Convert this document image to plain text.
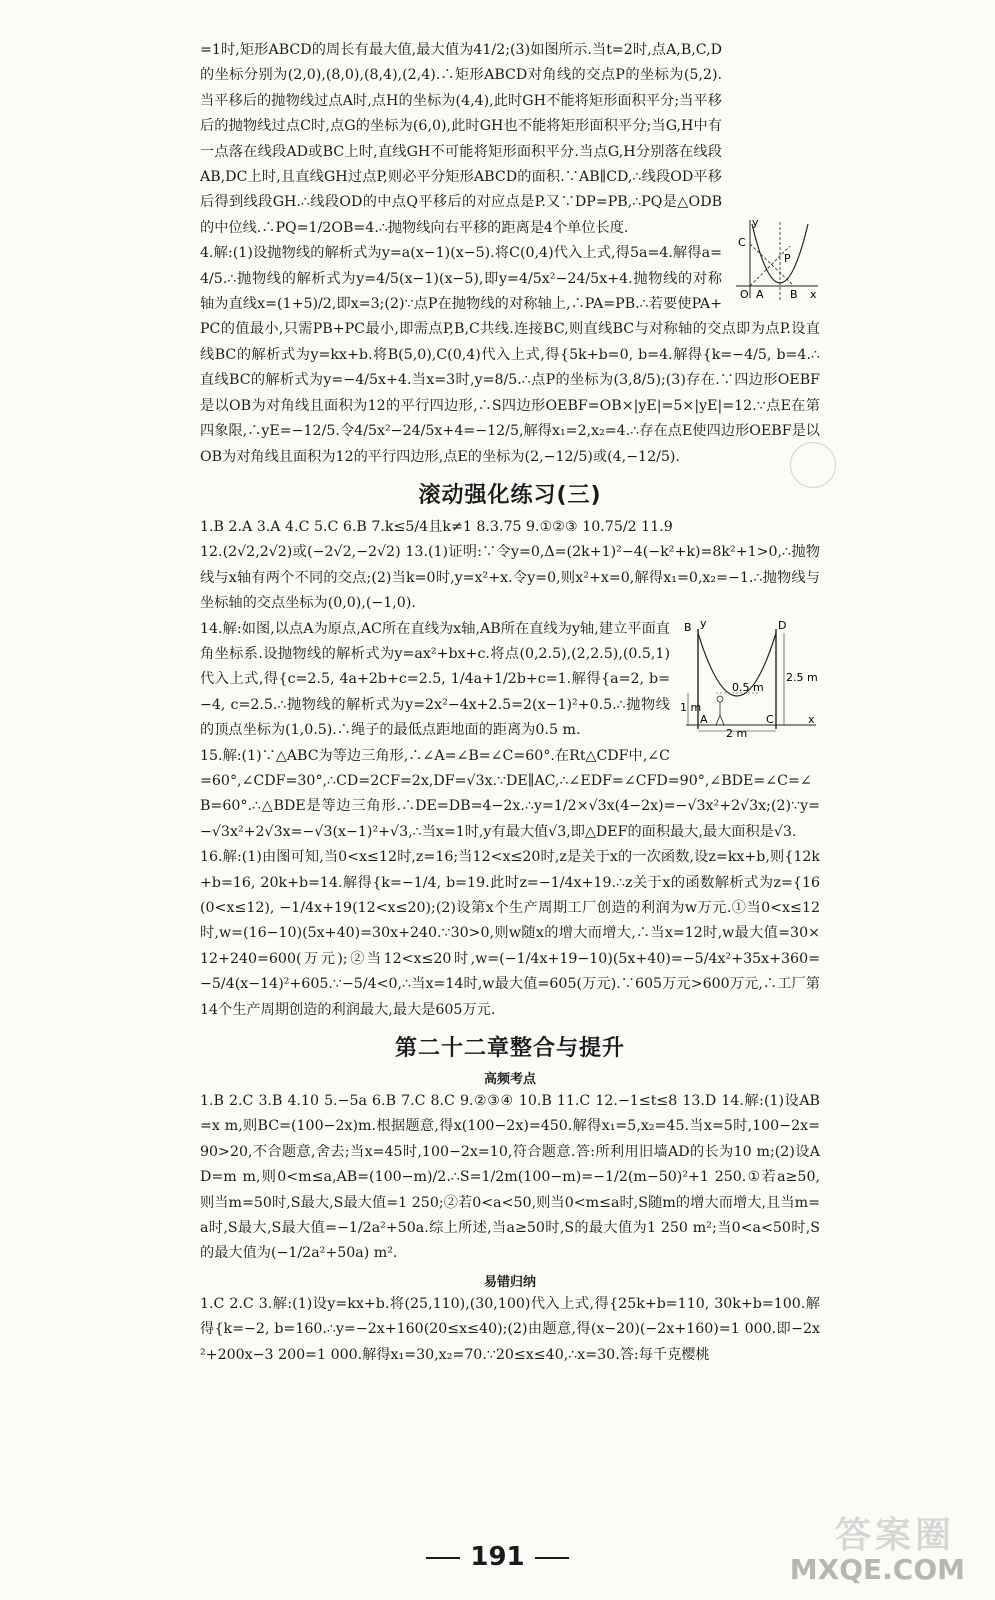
y
C
P
O A B x

=1时,矩形ABCD的周长有最大值,最大值为41/2;(3)如图所示.当t=2时,点A,B,C,D的坐标分别为(2,0),(8,0),(8,4),(2,4).∴矩形ABCD对角线的交点P的坐标为(5,2).当平移后的抛物线过点A时,点H的坐标为(4,4),此时GH不能将矩形面积平分;当平移后的抛物线过点C时,点G的坐标为(6,0),此时GH也不能将矩形面积平分;当G,H中有一点落在线段AD或BC上时,直线GH不可能将矩形面积平分.当点G,H分别落在线段AB,DC上时,且直线GH过点P,则必平分矩形ABCD的面积.∵AB∥CD,∴线段OD平移后得到线段GH.∴线段OD的中点Q平移后的对应点是P.又∵DP=PB,∴PQ是△ODB的中位线.∴PQ=1/2OB=4.∴抛物线向右平移的距离是4个单位长度.

4.解:(1)设抛物线的解析式为y=a(x−1)(x−5).将C(0,4)代入上式,得5a=4.解得a=4/5.∴抛物线的解析式为y=4/5(x−1)(x−5),即y=4/5x²−24/5x+4.抛物线的对称轴为直线x=(1+5)/2,即x=3;(2)∵点P在抛物线的对称轴上,∴PA=PB.∴若要使PA+PC的值最小,只需PB+PC最小,即需点P,B,C共线.连接BC,则直线BC与对称轴的交点即为点P.设直线BC的解析式为y=kx+b.将B(5,0),C(0,4)代入上式,得{5k+b=0, b=4.解得{k=−4/5, b=4.∴直线BC的解析式为y=−4/5x+4.当x=3时,y=8/5.∴点P的坐标为(3,8/5);(3)存在.∵四边形OEBF是以OB为对角线且面积为12的平行四边形,∴S四边形OEBF=OB×|yE|=5×|yE|=12.∵点E在第四象限,∴yE=−12/5.令4/5x²−24/5x+4=−12/5,解得x₁=2,x₂=4.∴存在点E使四边形OEBF是以OB为对角线且面积为12的平行四边形,点E的坐标为(2,−12/5)或(4,−12/5).

滚动强化练习(三)

1.B 2.A 3.A 4.C 5.C 6.B 7.k≤5/4且k≠1 8.3.75 9.①②③ 10.75/2 11.9

12.(2√2,2√2)或(−2√2,−2√2) 13.(1)证明:∵令y=0,Δ=(2k+1)²−4(−k²+k)=8k²+1>0,∴抛物线与x轴有两个不同的交点;(2)当k=0时,y=x²+x.令y=0,则x²+x=0,解得x₁=0,x₂=−1.∴抛物线与坐标轴的交点坐标为(0,0),(−1,0).

B	D
0.5 m
2.5 m
1 m
2 m
A	C	x
y

14.解:如图,以点A为原点,AC所在直线为x轴,AB所在直线为y轴,建立平面直角坐标系.设抛物线的解析式为y=ax²+bx+c.将点(0,2.5),(2,2.5),(0.5,1)代入上式,得{c=2.5, 4a+2b+c=2.5, 1/4a+1/2b+c=1.解得{a=2, b=−4, c=2.5.∴抛物线的解析式为y=2x²−4x+2.5=2(x−1)²+0.5.∴抛物线的顶点坐标为(1,0.5).∴绳子的最低点距地面的距离为0.5 m.

15.解:(1)∵△ABC为等边三角形,∴∠A=∠B=∠C=60°.在Rt△CDF中,∠C=60°,∠CDF=30°,∴CD=2CF=2x,DF=√3x.∵DE∥AC,∴∠EDF=∠CFD=90°,∠BDE=∠C=∠B=60°.∴△BDE是等边三角形.∴DE=DB=4−2x.∴y=1/2×√3x(4−2x)=−√3x²+2√3x;(2)∵y=−√3x²+2√3x=−√3(x−1)²+√3,∴当x=1时,y有最大值√3,即△DEF的面积最大,最大面积是√3.

16.解:(1)由图可知,当0<x≤12时,z=16;当12<x≤20时,z是关于x的一次函数,设z=kx+b,则{12k+b=16, 20k+b=14.解得{k=−1/4, b=19.此时z=−1/4x+19.∴z关于x的函数解析式为z={16(0<x≤12), −1/4x+19(12<x≤20);(2)设第x个生产周期工厂创造的利润为w万元.①当0<x≤12时,w=(16−10)(5x+40)=30x+240.∵30>0,则w随x的增大而增大,∴当x=12时,w最大值=30×12+240=600(万元);②当12<x≤20时,w=(−1/4x+19−10)(5x+40)=−5/4x²+35x+360=−5/4(x−14)²+605.∵−5/4<0,∴当x=14时,w最大值=605(万元).∵605万元>600万元,∴工厂第14个生产周期创造的利润最大,最大是605万元.

第二十二章整合与提升
高频考点

1.B 2.C 3.B 4.10 5.−5a 6.B 7.C 8.C 9.②③④ 10.B 11.C 12.−1≤t≤8 13.D 14.解:(1)设AB=x m,则BC=(100−2x)m.根据题意,得x(100−2x)=450.解得x₁=5,x₂=45.当x=5时,100−2x=90>20,不合题意,舍去;当x=45时,100−2x=10,符合题意.答:所利用旧墙AD的长为10 m;(2)设AD=m m,则0<m≤a,AB=(100−m)/2.∴S=1/2m(100−m)=−1/2(m−50)²+1 250.①若a≥50,则当m=50时,S最大,S最大值=1 250;②若0<a<50,则当0<m≤a时,S随m的增大而增大,且当m=a时,S最大,S最大值=−1/2a²+50a.综上所述,当a≥50时,S的最大值为1 250 m²;当0<a<50时,S的最大值为(−1/2a²+50a) m².

易错归纳

1.C 2.C 3.解:(1)设y=kx+b.将(25,110),(30,100)代入上式,得{25k+b=110, 30k+b=100.解得{k=−2, b=160.∴y=−2x+160(20≤x≤40);(2)由题意,得(x−20)(−2x+160)=1 000.即−2x²+200x−3 200=1 000.解得x₁=30,x₂=70.∵20≤x≤40,∴x=30.答:每千克樱桃

191
答案圈
MXQE.COM
